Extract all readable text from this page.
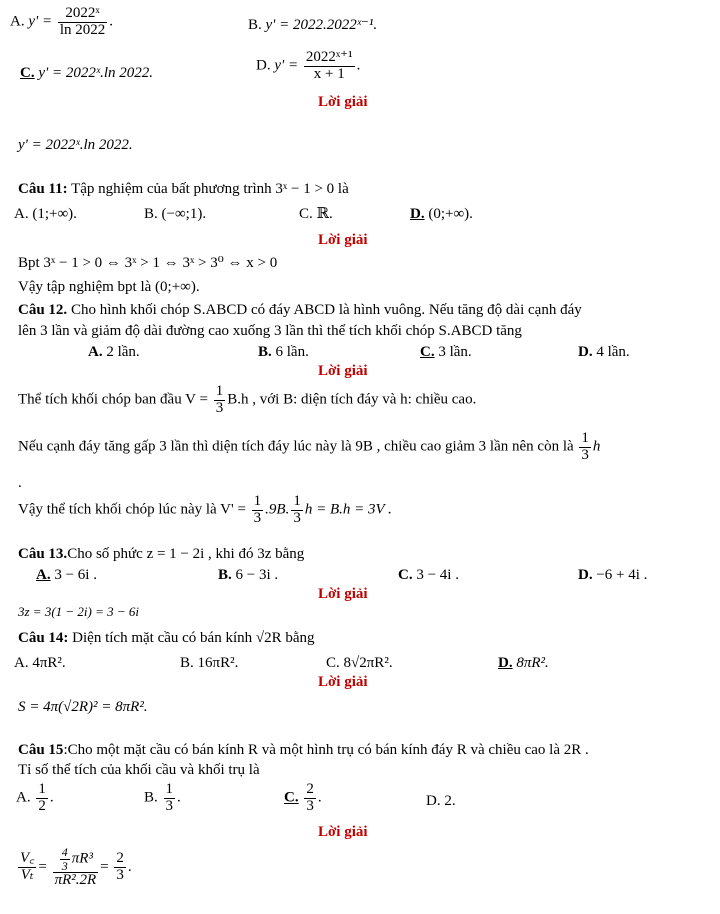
A. $y' = \frac{\text{2022ˣ}}{\ln 2022}$ .	B. y' = 2022.2022ˣ⁻¹.
C. y' = 2022ˣ.ln 2022.	D. $y' = \frac{\text{2022ˣ⁺¹}}{x + 1}$ .
Lời giải
y' = 2022ˣ.ln 2022.
Câu 11: Tập nghiệm của bất phương trình 3ˣ − 1 > 0 là
A. (1;+∞).	B. (−∞;1).	C. ℝ.	D. (0;+∞).
Lời giải
Bpt 3ˣ − 1 > 0 ⇔ 3ˣ > 1 ⇔ 3ˣ > 3⁰ ⇔ x > 0
Vậy tập nghiệm bpt là (0;+∞).
Câu 12. Cho hình khối chóp S.ABCD có đáy ABCD là hình vuông. Nếu tăng độ dài cạnh đáy
lên 3 lần và giảm độ dài đường cao xuống 3 lần thì thể tích khối chóp S.ABCD tăng
A. 2 lần.	B. 6 lần.	C. 3 lần.	D. 4 lần.
Lời giải
Thể tích khối chóp ban đầu $V = \frac{1}{3} B.h$ , với B: diện tích đáy và h: chiều cao.
Nếu cạnh đáy tăng gấp 3 lần thì diện tích đáy lúc này là 9B , chiều cao giảm 3 lần nên còn là $\frac{1}{3}$ h
.
Vậy thể tích khối chóp lúc này là $V' = \frac{1}{3} .9B$. $\frac{1}{3}$ h = B.h = 3V .
Câu 13.Cho số phức z = 1 − 2i , khi đó 3z bằng
A. 3 − 6i .	B. 6 − 3i .	C. 3 − 4i .	D. −6 + 4i .
Lời giải
3z = 3(1 − 2i) = 3 − 6i
Câu 14: Diện tích mặt cầu có bán kính √2R bằng
A. 4πR².	B. 16πR².	C. 8√2πR².	D. 8πR².
Lời giải
S = 4π(√2R)² = 8πR².
Câu 15:Cho một mặt cầu có bán kính R và một hình trụ có bán kính đáy R và chiều cao là 2R .
Tỉ số thể tích của khối cầu và khối trụ là
A. $\frac{1}{2}$ .	B. $\frac{1}{3}$ .	C. $\frac{2}{3}$ .	D. 2.
Lời giải
$\frac{V꜀}{\text{Vₜ}} = \frac{\frac{4}{3} \pi R^3}{\text{πR².2R}} = \frac{2}{3}$ .
